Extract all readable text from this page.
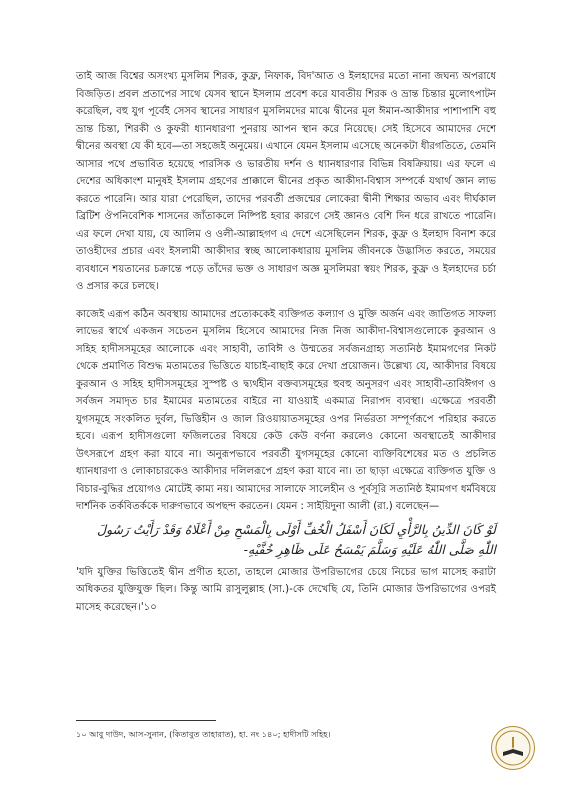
তাই আজ বিশ্বের অসংখ্য মুসলিম শিরক, কুফ্র, নিফাক, বিদ'আত ও ইলহাদের মতো নানা জঘন্য অপরাধে বিজড়িত। প্রবল প্রতাপের সাথে যেসব স্থানে ইসলাম প্রবেশ করে যাবতীয় শিরক ও ভ্রান্ত চিন্তার মুলোৎপাটন করেছিল, বহু যুগ পূর্বেই সেসব স্থানের সাধারণ মুসলিমদের মাঝে দ্বীনের মূল ঈমান-আকীদার পাশাপাশি বহু ভ্রান্ত চিন্তা, শিরকী ও কুফরী ধ্যানধারণা পুনরায় আপন স্থান করে নিয়েছে। সেই হিসেবে আমাদের দেশে দ্বীনের অবস্থা যে কী হবে—তা সহজেই অনুমেয়। এখানে যেমন ইসলাম এসেছে অনেকটা ধীরগতিতে, তেমনি আসার পথে প্রভাবিত হয়েছে পারসিক ও ভারতীয় দর্শন ও ধ্যানধারণার বিভিন্ন বিষক্রিয়ায়। এর ফলে এ দেশের অধিকাংশ মানুষই ইসলাম গ্রহণের প্রাক্কালে দ্বীনের প্রকৃত আকীদা-বিশ্বাস সম্পর্কে যথার্থ জ্ঞান লাভ করতে পারেনি। আর যারা পেরেছিল, তাদের পরবর্তী প্রজন্মের লোকেরা দ্বীনী শিক্ষার অভাব এবং দীর্ঘকাল ব্রিটিশ ঔপনিবেশিক শাসনের জাঁতাকলে নিষ্পিষ্ট হবার কারণে সেই জ্ঞানও বেশি দিন ধরে রাখতে পারেনি। এর ফলে দেখা যায়, যে আলিম ও ওলী-আল্লাহগণ এ দেশে এসেছিলেন শিরক, কুফ্র ও ইলহাদ বিনাশ করে তাওহীদের প্রচার এবং ইসলামী আকীদার স্বচ্ছ আলোকধারায় মুসলিম জীবনকে উদ্ভাসিত করতে, সময়ের ব্যবধানে শয়তানের চক্রান্তে পড়ে তাঁদের ভক্ত ও সাধারণ অজ্ঞ মুসলিমরা স্বয়ং শিরক, কুফ্র ও ইলহাদের চর্চা ও প্রসার করে চলছে।

কাজেই এরূপ কঠিন অবস্থায় আমাদের প্রত্যেককেই ব্যক্তিগত কল্যাণ ও মুক্তি অর্জন এবং জাতিগত সাফল্য লাভের স্বার্থে একজন সচেতন মুসলিম হিসেবে আমাদের নিজ নিজ আকীদা-বিশ্বাসগুলোকে কুরআন ও সহিহ হাদীসসমূহের আলোকে এবং সাহাবী, তাবিঈ ও উম্মতের সর্বজনগ্রাহ্য সত্যনিষ্ঠ ইমামগণের নিকট থেকে প্রমাণিত বিশুদ্ধ মতামতের ভিত্তিতে যাচাই-বাছাই করে দেখা প্রয়োজন। উল্লেখ্য যে, আকীদার বিষয়ে কুরআন ও সহিহ হাদীসসমূহের সুস্পষ্ট ও দ্ব্যর্থহীন বক্তব্যসমূহের হুবহু অনুসরণ এবং সাহাবী-তাবিঈগণ ও সর্বজন সমাদৃত চার ইমামের মতামতের বাইরে না যাওয়াই একমাত্র নিরাপদ ব্যবস্থা। এক্ষেত্রে পরবর্তী যুগসমূহে সংকলিত দুর্বল, ভিত্তিহীন ও জাল রিওয়ায়াতসমূহের ওপর নির্ভরতা সম্পূর্ণরূপে পরিহার করতে হবে। এরূপ হাদীসগুলো ফজিলতের বিষয়ে কেউ কেউ বর্ণনা করলেও কোনো অবস্থাতেই আকীদার উৎসরূপে গ্রহণ করা যাবে না। অনুরূপভাবে পরবর্তী যুগসমূহের কোনো ব্যক্তিবিশেষের মত ও প্রচলিত ধ্যানধারণা ও লোকাচারকেও আকীদার দলিলরূপে গ্রহণ করা যাবে না। তা ছাড়া এক্ষেত্রে ব্যক্তিগত যুক্তি ও বিচার-বুদ্ধির প্রয়োগও মোটেই কাম্য নয়। আমাদের সালাফে সালেহীন ও পূর্বসূরি সত্যনিষ্ঠ ইমামগণ ধর্মবিষয়ে দার্শনিক তর্কবিতর্ককে দারুণভাবে অপছন্দ করতেন। যেমন : সাইয়িদুনা আলী (রা.) বলেছেন—

لَوْ كَانَ الدِّينُ بِالرَّأْيِ لَكَانَ أَسْفَلُ الْخُفِّ أَوْلَى بِالْمَسْحِ مِنْ أَعْلَاهُ وَقَدْ رَأَيْتُ رَسُولَ اللّٰهِ صَلَّى اللّٰهُ عَلَيْهِ وَسَلَّمَ يَمْسَحُ عَلَى ظَاهِرِ خُفَّيْهِ-

'যদি যুক্তির ভিত্তিতেই দ্বীন প্রণীত হতো, তাহলে মোজার উপরিভাগের চেয়ে নিচের ভাগ মাসেহ করাটা অধিকতর যুক্তিযুক্ত ছিল। কিন্তু আমি রাসুলুল্লাহ (সা.)-কে দেখেছি যে, তিনি মোজার উপরিভাগের ওপরই মাসেহ করেছেন।'১০

১০ আবু দাউদ, আস-সুনান, (কিতাবুত তাহারাত), হা. নং ১৪০; হাদীসটি সহিহ।
